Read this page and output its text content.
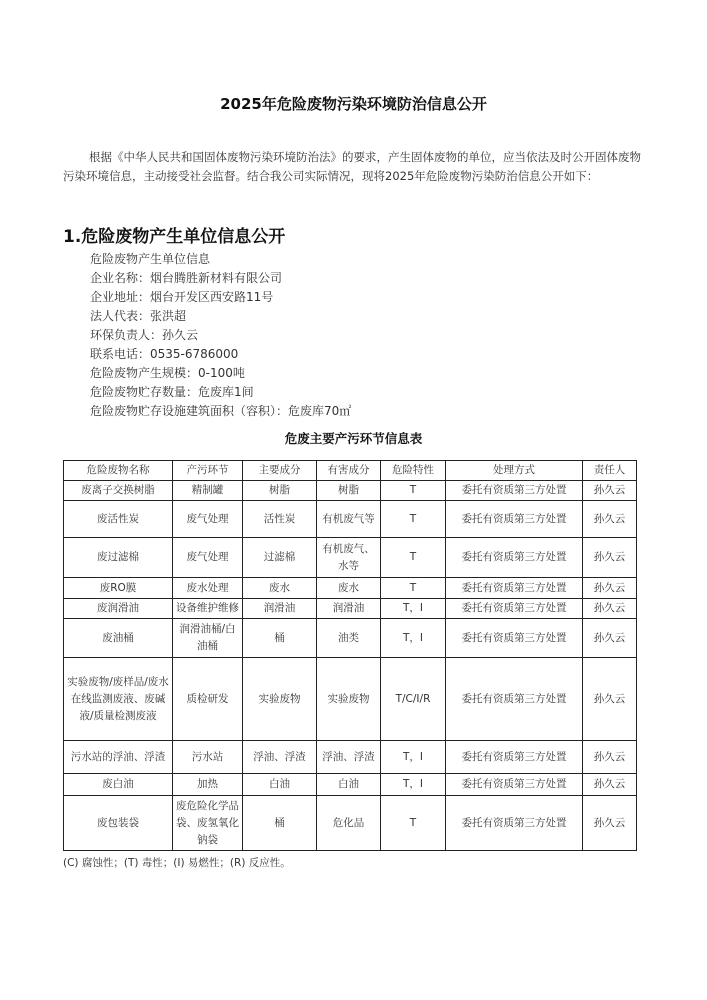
2025年危险废物污染环境防治信息公开
根据《中华人民共和国固体废物污染环境防治法》的要求，产生固体废物的单位，应当依法及时公开固体废物污染环境信息，主动接受社会监督。结合我公司实际情况，现将2025年危险废物污染防治信息公开如下：
1.危险废物产生单位信息公开
危险废物产生单位信息
企业名称：烟台腾胜新材料有限公司
企业地址：烟台开发区西安路11号
法人代表：张洪超
环保负责人：孙久云
联系电话：0535-6786000
危险废物产生规模：0-100吨
危险废物贮存数量：危废库1间
危险废物贮存设施建筑面积（容积）：危废库70㎡
危废主要产污环节信息表
危险废物名称	产污环节	主要成分	有害成分	危险特性	处理方式	责任人
废离子交换树脂	精制罐	树脂	树脂	T	委托有资质第三方处置	孙久云
废活性炭	废气处理	活性炭	有机废气等	T	委托有资质第三方处置	孙久云
废过滤棉	废气处理	过滤棉	有机废气、水等	T	委托有资质第三方处置	孙久云
废RO膜	废水处理	废水	废水	T	委托有资质第三方处置	孙久云
废润滑油	设备维护维修	润滑油	润滑油	T，I	委托有资质第三方处置	孙久云
废油桶	润滑油桶/白油桶	桶	油类	T，I	委托有资质第三方处置	孙久云
实验废物/废样品/废水在线监测废液、废碱液/质量检测废液	质检研发	实验废物	实验废物	T/C/I/R	委托有资质第三方处置	孙久云
污水站的浮油、浮渣	污水站	浮油、浮渣	浮油、浮渣	T，I	委托有资质第三方处置	孙久云
废白油	加热	白油	白油	T，I	委托有资质第三方处置	孙久云
废包装袋	废危险化学品袋、废氢氧化钠袋	桶	危化品	T	委托有资质第三方处置	孙久云
(C) 腐蚀性；(T) 毒性；(I) 易燃性；(R) 反应性。
